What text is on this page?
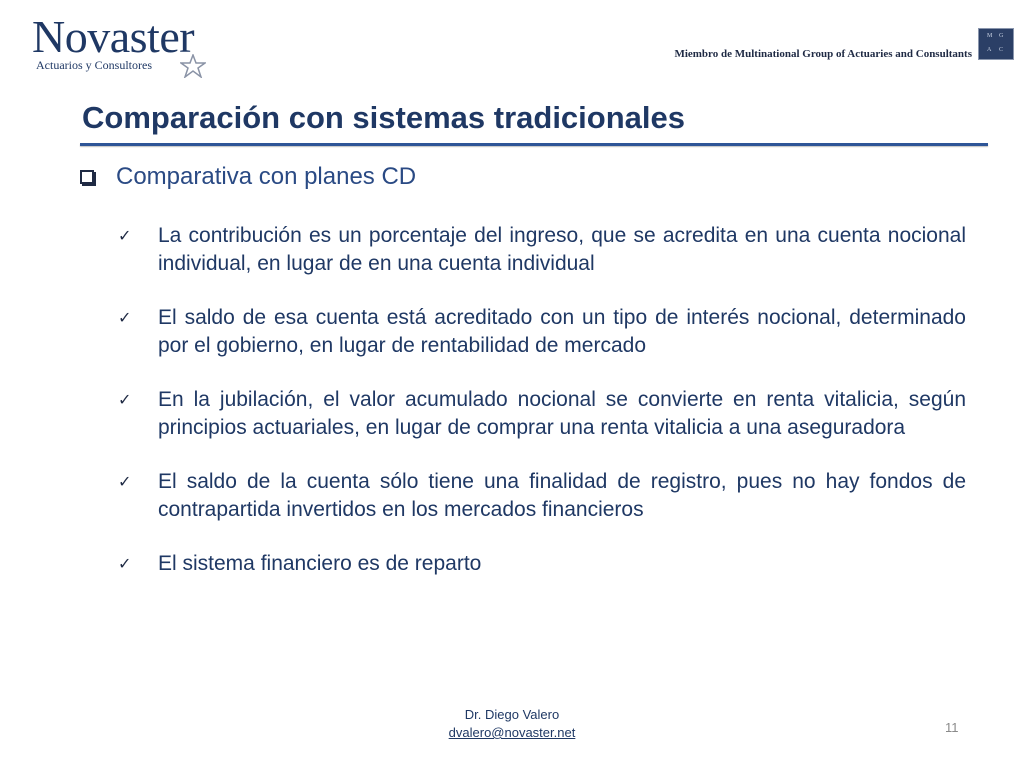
Novaster
Actuarios y Consultores
Miembro de Multinational Group of Actuaries and Consultants
M G
A C
Comparación con sistemas tradicionales
Comparativa con planes CD
✓	La contribución es un porcentaje del ingreso, que se acredita en una cuenta nocional individual, en lugar de en una cuenta individual
✓	El saldo de esa cuenta está acreditado con un tipo de interés nocional, determinado por el gobierno, en lugar de rentabilidad de mercado
✓	En la jubilación, el valor acumulado nocional se convierte en renta vitalicia, según principios actuariales, en lugar de comprar una renta vitalicia a una aseguradora
✓	El saldo de la cuenta sólo tiene una finalidad de registro, pues no hay fondos de contrapartida invertidos en los mercados financieros
✓	El sistema financiero es de reparto
Dr. Diego Valero
dvalero@novaster.net	11
